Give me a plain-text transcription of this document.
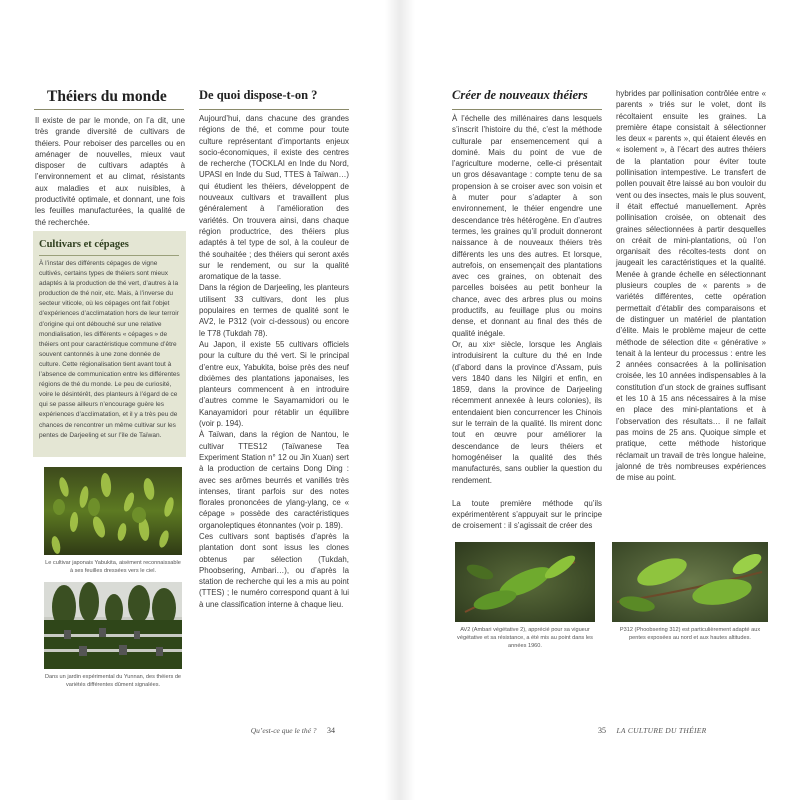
Théiers du monde

Il existe de par le monde, on l’a dit, une très grande diversité de cultivars de théiers. Pour reboiser des parcelles ou en aménager de nouvelles, mieux vaut disposer de cultivars adaptés à l’environnement et au climat, résistants aux maladies et aux nuisibles, à productivité optimale, et donnant, une fois les feuilles manufacturées, la qualité de thé recherchée.

Cultivars et cépages

À l’instar des différents cépages de vigne cultivés, certains types de théiers sont mieux adaptés à la production de thé vert, d’autres à la production de thé noir, etc. Mais, à l’inverse du secteur viticole, où les cépages ont fait l’objet d’expériences d’acclimatation hors de leur terroir d’origine qui ont débouché sur une relative mondialisation, les différents « cépages » de théiers ont pour caractéristique commune d’être souvent cantonnés à une zone donnée de culture. Cette régionalisation tient avant tout à l’absence de communication entre les différentes régions de thé du monde. Le peu de curiosité, voire le désintérêt, des planteurs à l’égard de ce qui se passe ailleurs n’encourage guère les expériences d’acclimatation, et il y a très peu de chances de rencontrer un même cultivar sur les pentes de Darjeeling et sur l’île de Taïwan.

Le cultivar japonais Yabukita, aisément reconnaissable à ses feuilles dressées vers le ciel.

Dans un jardin expérimental du Yunnan, des théiers de variétés différentes dûment signalées.

De quoi dispose-t-on ?

Aujourd’hui, dans chacune des grandes régions de thé, et comme pour toute culture représentant d’importants enjeux socio-économiques, il existe des centres de recherche (TOCKLAI en Inde du Nord, UPASI en Inde du Sud, TTES à Taïwan…) qui étudient les théiers, développent de nouveaux cultivars et travaillent plus généralement à l’amélioration des variétés. On trouvera ainsi, dans chaque région productrice, des théiers plus adaptés à tel type de sol, à la couleur de thé souhaitée ; des théiers qui seront axés sur le rendement, ou sur la qualité aromatique de la tasse.

Dans la région de Darjeeling, les planteurs utilisent 33 cultivars, dont les plus populaires en termes de qualité sont le AV2, le P312 (voir ci-dessous) ou encore le T78 (Tukdah 78).

Au Japon, il existe 55 cultivars officiels pour la culture du thé vert. Si le principal d’entre eux, Yabukita, boise près des neuf dixièmes des plantations japonaises, les planteurs commencent à en introduire d’autres comme le Sayamamidori ou le Kanayamidori pour rétablir un équilibre (voir p. 194).

À Taïwan, dans la région de Nantou, le cultivar TTES12 (Taïwanese Tea Experiment Station n° 12 ou Jin Xuan) sert à la production de certains Dong Ding : avec ses arômes beurrés et vanillés très intenses, tirant parfois sur des notes florales prononcées de ylang-ylang, ce « cépage » possède des caractéristiques organoleptiques étonnantes (voir p. 189).

Ces cultivars sont baptisés d’après la plantation dont sont issus les clones obtenus par sélection (Tukdah, Phoobsering, Ambari…), ou d’après la station de recherche qui les a mis au point (TTES) ; le numéro correspond quant à lui à une classification interne à chaque lieu.

Qu’est-ce que le thé ? 34
Créer de nouveaux théiers

À l’échelle des millénaires dans lesquels s’inscrit l’histoire du thé, c’est la méthode culturale par ensemencement qui a dominé. Mais du point de vue de l’agriculture moderne, celle-ci présentait un gros désavantage : compte tenu de sa propension à se croiser avec son voisin et à muter pour s’adapter à son environnement, le théier engendre une descendance très hétérogène. En d’autres termes, les graines qu’il produit donneront naissance à de nouveaux théiers très différents les uns des autres. Et lorsque, autrefois, on ensemençait des plantations avec ces graines, on obtenait des parcelles boisées au petit bonheur la chance, avec des arbres plus ou moins productifs, au feuillage plus ou moins dense, et donnant au final des thés de qualité inégale.

Or, au xixᵉ siècle, lorsque les Anglais introduisirent la culture du thé en Inde (d’abord dans la province d’Assam, puis vers 1840 dans les Nilgiri et enfin, en 1859, dans la province de Darjeeling récemment annexée à leurs colonies), ils entendaient bien concurrencer les Chinois sur le terrain de la qualité. Ils mirent donc tout en œuvre pour améliorer la descendance de leurs théiers et homogénéiser la qualité des thés manufacturés, sans oublier la question du rendement.

La toute première méthode qu’ils expérimentèrent s’appuyait sur le principe de croisement : il s’agissait de créer des

hybrides par pollinisation contrôlée entre « parents » triés sur le volet, dont ils récoltaient ensuite les graines. La première étape consistait à sélectionner les deux « parents », qui étaient élevés en « isolement », à l’écart des autres théiers de la plantation pour éviter toute pollinisation intempestive. Le transfert de pollen pouvait être laissé au bon vouloir du vent ou des insectes, mais le plus souvent, il était effectué manuellement. Après pollinisation croisée, on obtenait des graines sélectionnées à partir desquelles on créait de mini-plantations, où l’on organisait des récoltes-tests dont on jaugeait les caractéristiques et la qualité. Menée à grande échelle en sélectionnant plusieurs couples de « parents » de variétés différentes, cette opération permettait d’établir des comparaisons et de distinguer un matériel de plantation d’élite. Mais le problème majeur de cette méthode de sélection dite « générative » tenait à la lenteur du processus : entre les 2 années consacrées à la pollinisation croisée, les 10 années indispensables à la constitution d’un stock de graines suffisant et les 10 à 15 ans nécessaires à la mise en place des mini-plantations et à l’observation des résultats… il ne fallait pas moins de 25 ans. Quoique simple et pratique, cette méthode historique réclamait un travail de très longue haleine, jalonné de très nombreuses expériences de mise au point.

AV2 (Ambari végétative 2), apprécié pour sa vigueur végétative et sa résistance, a été mis au point dans les années 1960.

P312 (Phoobsering 312) est particulièrement adapté aux pentes exposées au nord et aux hautes altitudes.

35 LA CULTURE DU THÉIER
